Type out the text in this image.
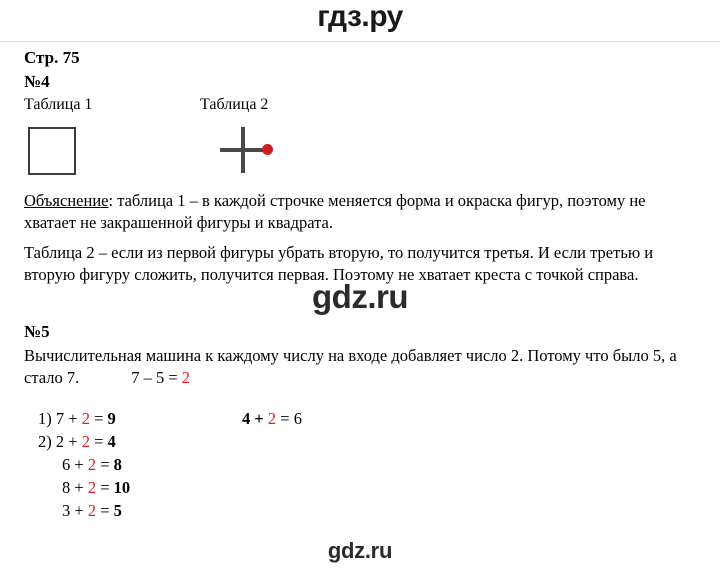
гдз.ру
Стр. 75
№4
Таблица 1	Таблица 2
Объяснение: таблица 1 – в каждой строчке меняется форма и окраска фигур, поэтому не хватает не закрашенной фигуры и квадрата.
Таблица 2 – если из первой фигуры убрать вторую, то получится третья. И если третью и вторую фигуру сложить, получится первая. Поэтому не хватает креста с точкой справа.
№5
Вычислительная машина к каждому числу на входе добавляет число 2. Потому что было 5, а стало 7.	7 – 5 = 2
1) 7 + 2 = 9	4 + 2 = 6
2) 2 + 2 = 4
6 + 2 = 8
8 + 2 = 10
3 + 2 = 5
gdz.ru
gdz.ru
